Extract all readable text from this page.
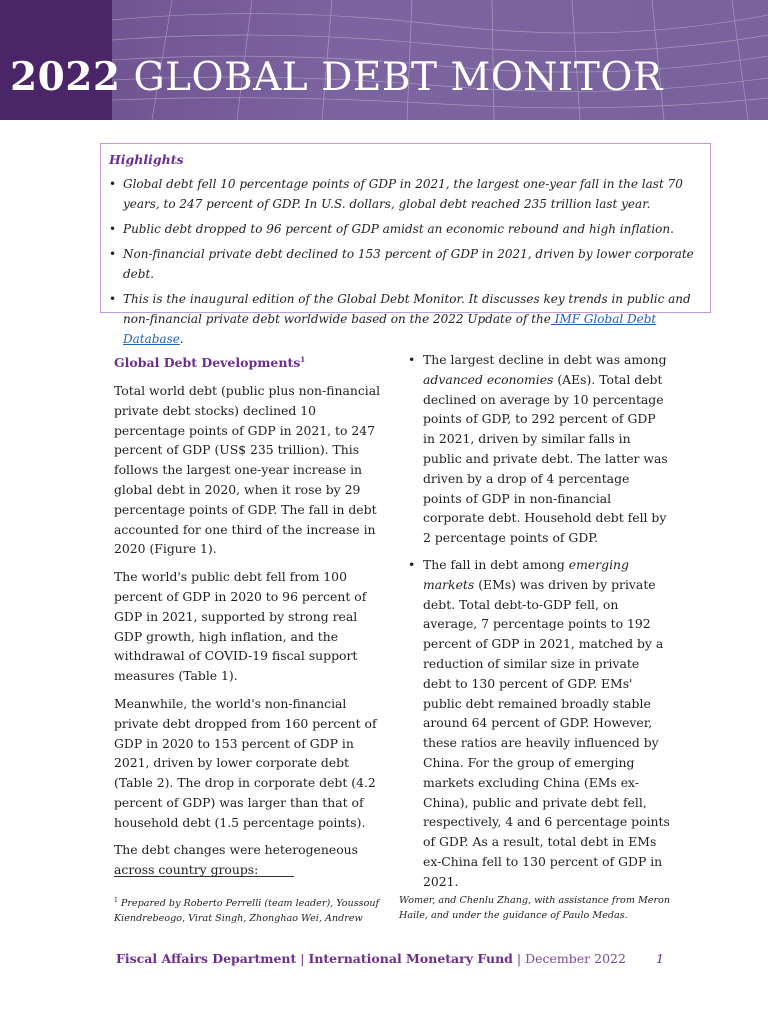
2022 GLOBAL DEBT MONITOR
Highlights
• Global debt fell 10 percentage points of GDP in 2021, the largest one-year fall in the last 70 years, to 247 percent of GDP. In U.S. dollars, global debt reached 235 trillion last year.
• Public debt dropped to 96 percent of GDP amidst an economic rebound and high inflation.
• Non-financial private debt declined to 153 percent of GDP in 2021, driven by lower corporate debt.
• This is the inaugural edition of the Global Debt Monitor. It discusses key trends in public and non-financial private debt worldwide based on the 2022 Update of the IMF Global Debt Database.
Global Debt Developments$^1$

Total world debt (public plus non-financial private debt stocks) declined 10 percentage points of GDP in 2021, to 247 percent of GDP (US$ 235 trillion). This follows the largest one-year increase in global debt in 2020, when it rose by 29 percentage points of GDP. The fall in debt accounted for one third of the increase in 2020 (Figure 1).

The world's public debt fell from 100 percent of GDP in 2020 to 96 percent of GDP in 2021, supported by strong real GDP growth, high inflation, and the withdrawal of COVID-19 fiscal support measures (Table 1).

Meanwhile, the world's non-financial private debt dropped from 160 percent of GDP in 2020 to 153 percent of GDP in 2021, driven by lower corporate debt (Table 2). The drop in corporate debt (4.2 percent of GDP) was larger than that of household debt (1.5 percentage points).

The debt changes were heterogeneous across country groups:

• The largest decline in debt was among advanced economies (AEs). Total debt declined on average by 10 percentage points of GDP, to 292 percent of GDP in 2021, driven by similar falls in public and private debt. The latter was driven by a drop of 4 percentage points of GDP in non-financial corporate debt. Household debt fell by 2 percentage points of GDP.
• The fall in debt among emerging markets (EMs) was driven by private debt. Total debt-to-GDP fell, on average, 7 percentage points to 192 percent of GDP in 2021, matched by a reduction of similar size in private debt to 130 percent of GDP. EMs' public debt remained broadly stable around 64 percent of GDP. However, these ratios are heavily influenced by China. For the group of emerging markets excluding China (EMs ex-China), public and private debt fell, respectively, 4 and 6 percentage points of GDP. As a result, total debt in EMs ex-China fell to 130 percent of GDP in 2021.
$^1$ Prepared by Roberto Perrelli (team leader), Youssouf Kiendrebeogo, Virat Singh, Zhonghao Wei, Andrew
Womer, and Chenlu Zhang, with assistance from Meron Haile, and under the guidance of Paulo Medas.
Fiscal Affairs Department | International Monetary Fund | December 2022 1
